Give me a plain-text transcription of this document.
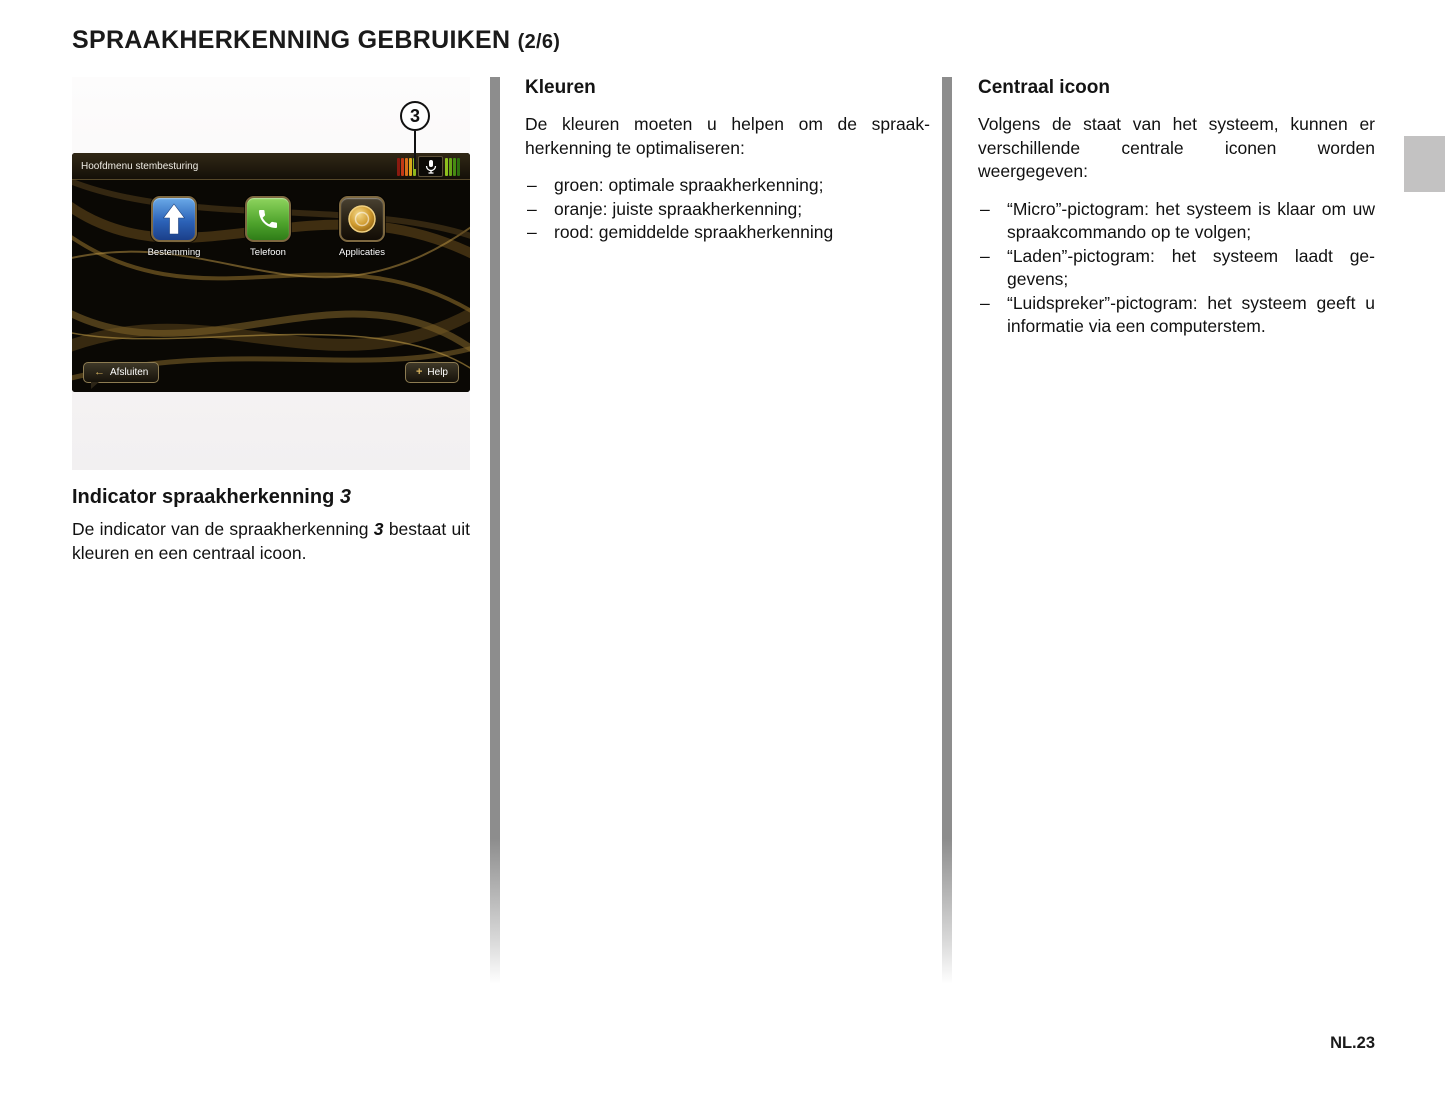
SPRAAKHERKENNING GEBRUIKEN (2/6)
3
Hoofdmenu stembesturing
Bestemming	Telefoon	Applicaties
← Afsluiten	+ Help
Indicator spraakherkenning 3

De indicator van de spraakherkenning 3 bestaat uit kleuren en een centraal icoon.

Kleuren

De kleuren moeten u helpen om de spraakherkenning te optimaliseren:

– groen: optimale spraakherkenning;
– oranje: juiste spraakherkenning;
– rood: gemiddelde spraakherkenning
Centraal icoon

Volgens de staat van het systeem, kunnen er verschillende centrale iconen worden weergegeven:

– “Micro”-pictogram: het systeem is klaar om uw spraakcommando op te volgen;
– “Laden”-pictogram: het systeem laadt gegevens;
– “Luidspreker”-pictogram: het systeem geeft u informatie via een computerstem.
NL.23
